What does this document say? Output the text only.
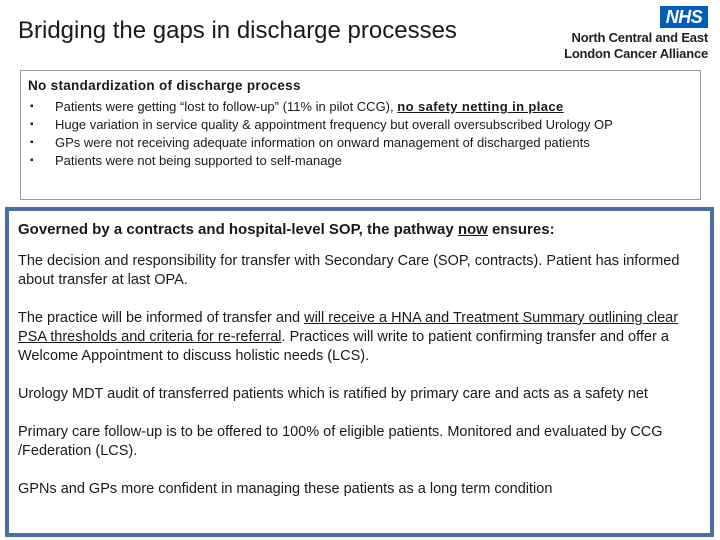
Bridging the gaps in discharge processes	NHS
North Central and East
London Cancer Alliance
No standardization of discharge process
▪ Patients were getting “lost to follow-up” (11% in pilot CCG), no safety netting in place
▪ Huge variation in service quality & appointment frequency but overall oversubscribed Urology OP
▪ GPs were not receiving adequate information on onward management of discharged patients
▪ Patients were not being supported to self-manage
Governed by a contracts and hospital-level SOP, the pathway now ensures:
The decision and responsibility for transfer with Secondary Care (SOP, contracts). Patient has informed about transfer at last OPA.
The practice will be informed of transfer and will receive a HNA and Treatment Summary outlining clear PSA thresholds and criteria for re-referral. Practices will write to patient confirming transfer and offer a Welcome Appointment to discuss holistic needs (LCS).
Urology MDT audit of transferred patients which is ratified by primary care and acts as a safety net
Primary care follow-up is to be offered to 100% of eligible patients. Monitored and evaluated by CCG /Federation (LCS).
GPNs and GPs more confident in managing these patients as a long term condition
